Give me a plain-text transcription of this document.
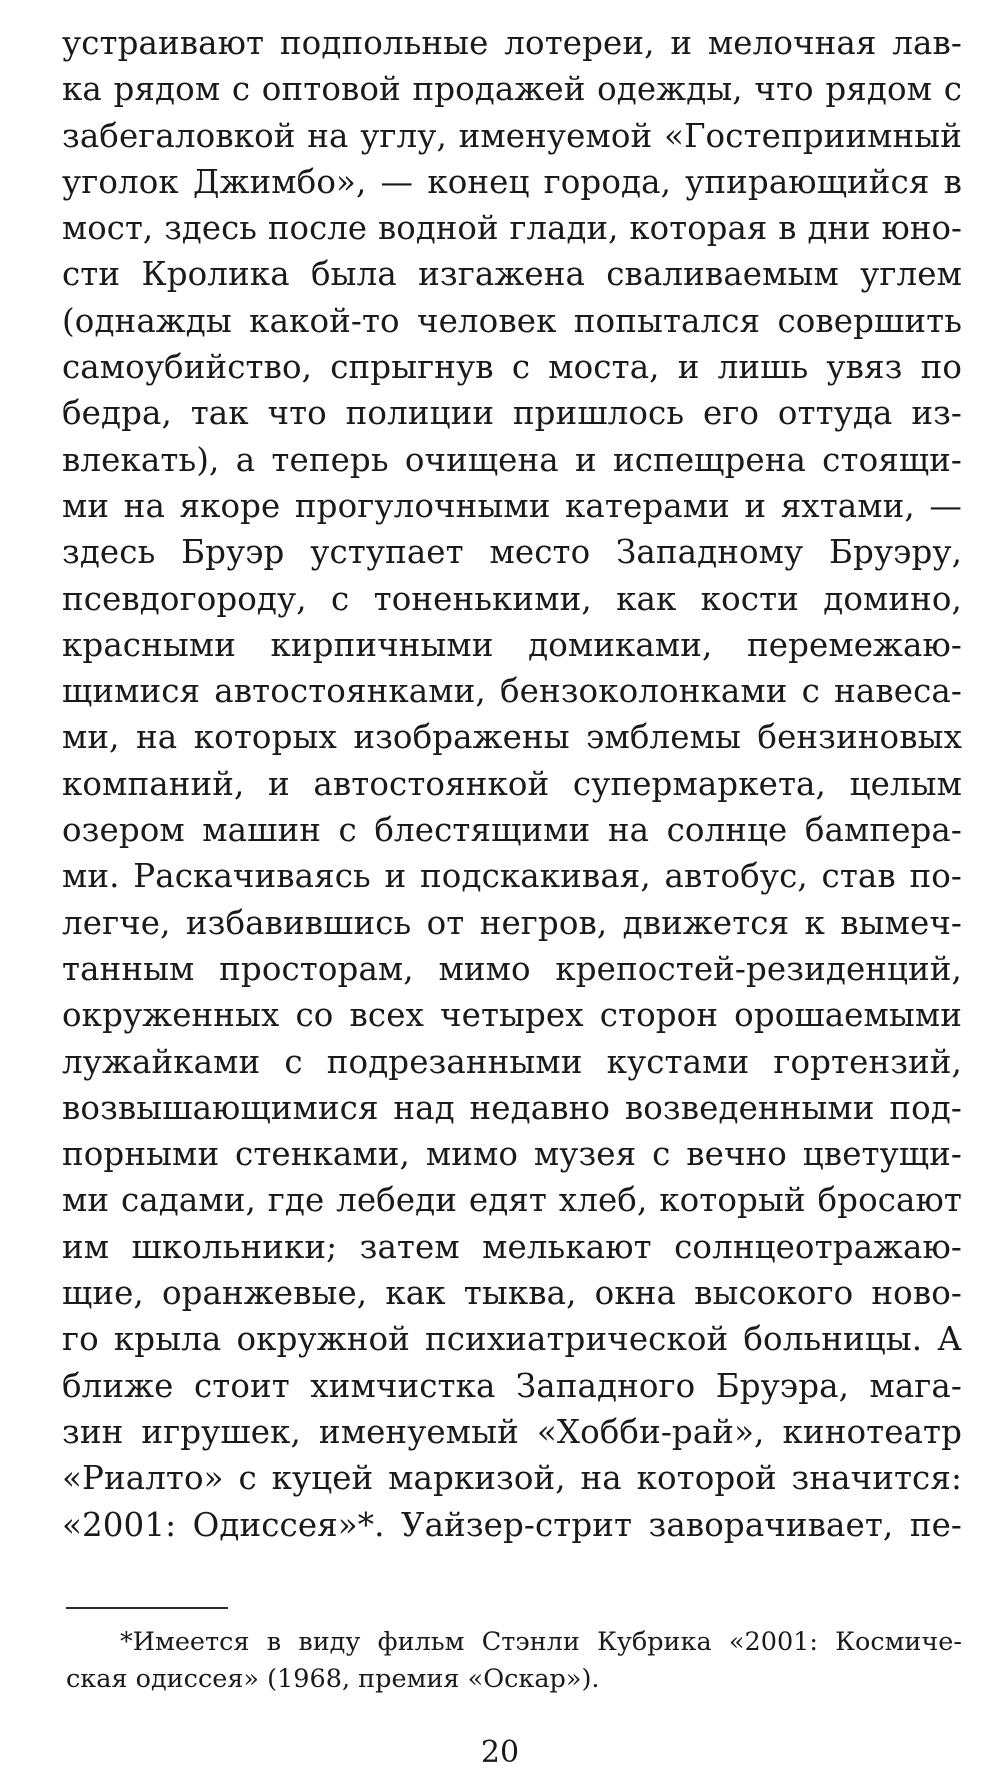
устраивают подпольные лотереи, и мелочная лав-
ка рядом с оптовой продажей одежды, что рядом с
забегаловкой на углу, именуемой «Гостеприимный
уголок Джимбо», — конец города, упирающийся в
мост, здесь после водной глади, которая в дни юно-
сти Кролика была изгажена сваливаемым углем
(однажды какой-то человек попытался совершить
самоубийство, спрыгнув с моста, и лишь увяз по
бедра, так что полиции пришлось его оттуда из-
влекать), а теперь очищена и испещрена стоящи-
ми на якоре прогулочными катерами и яхтами, —
здесь Бруэр уступает место Западному Бруэру,
псевдогороду, с тоненькими, как кости домино,
красными кирпичными домиками, перемежаю-
щимися автостоянками, бензоколонками с навеса-
ми, на которых изображены эмблемы бензиновых
компаний, и автостоянкой супермаркета, целым
озером машин с блестящими на солнце бампера-
ми. Раскачиваясь и подскакивая, автобус, став по-
легче, избавившись от негров, движется к вымеч-
танным просторам, мимо крепостей-резиденций,
окруженных со всех четырех сторон орошаемыми
лужайками с подрезанными кустами гортензий,
возвышающимися над недавно возведенными под-
порными стенками, мимо музея с вечно цветущи-
ми садами, где лебеди едят хлеб, который бросают
им школьники; затем мелькают солнцеотражаю-
щие, оранжевые, как тыква, окна высокого ново-
го крыла окружной психиатрической больницы. А
ближе стоит химчистка Западного Бруэра, мага-
зин игрушек, именуемый «Хобби-рай», кинотеатр
«Риалто» с куцей маркизой, на которой значится:
«2001: Одиссея»*. Уайзер-стрит заворачивает, пе-
*Имеется в виду фильм Стэнли Кубрика «2001: Космиче-
ская одиссея» (1968, премия «Оскар»).
20
